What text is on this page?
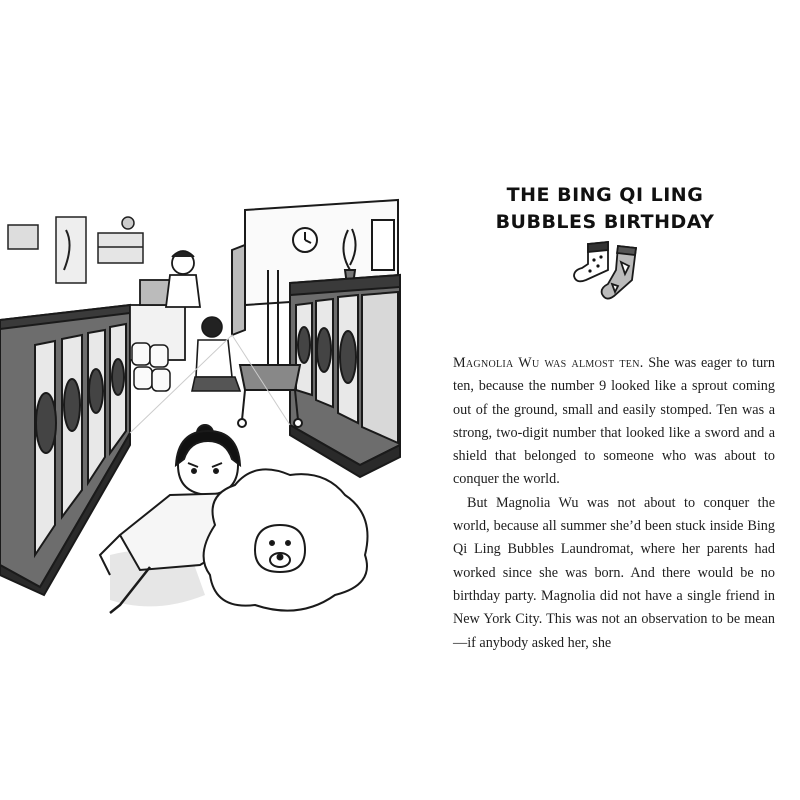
THE BING QI LING
BUBBLES BIRTHDAY

Magnolia Wu was almost ten. She was eager to turn ten, because the number 9 looked like a sprout coming out of the ground, small and easily stomped. Ten was a strong, two-digit number that looked like a sword and a shield that belonged to someone who was about to conquer the world.

But Magnolia Wu was not about to conquer the world, because all summer she’d been stuck inside Bing Qi Ling Bubbles Laundromat, where her parents had worked since she was born. And there would be no birthday party. Magnolia did not have a single friend in New York City. This was not an observation to be mean—if anybody asked her, she
